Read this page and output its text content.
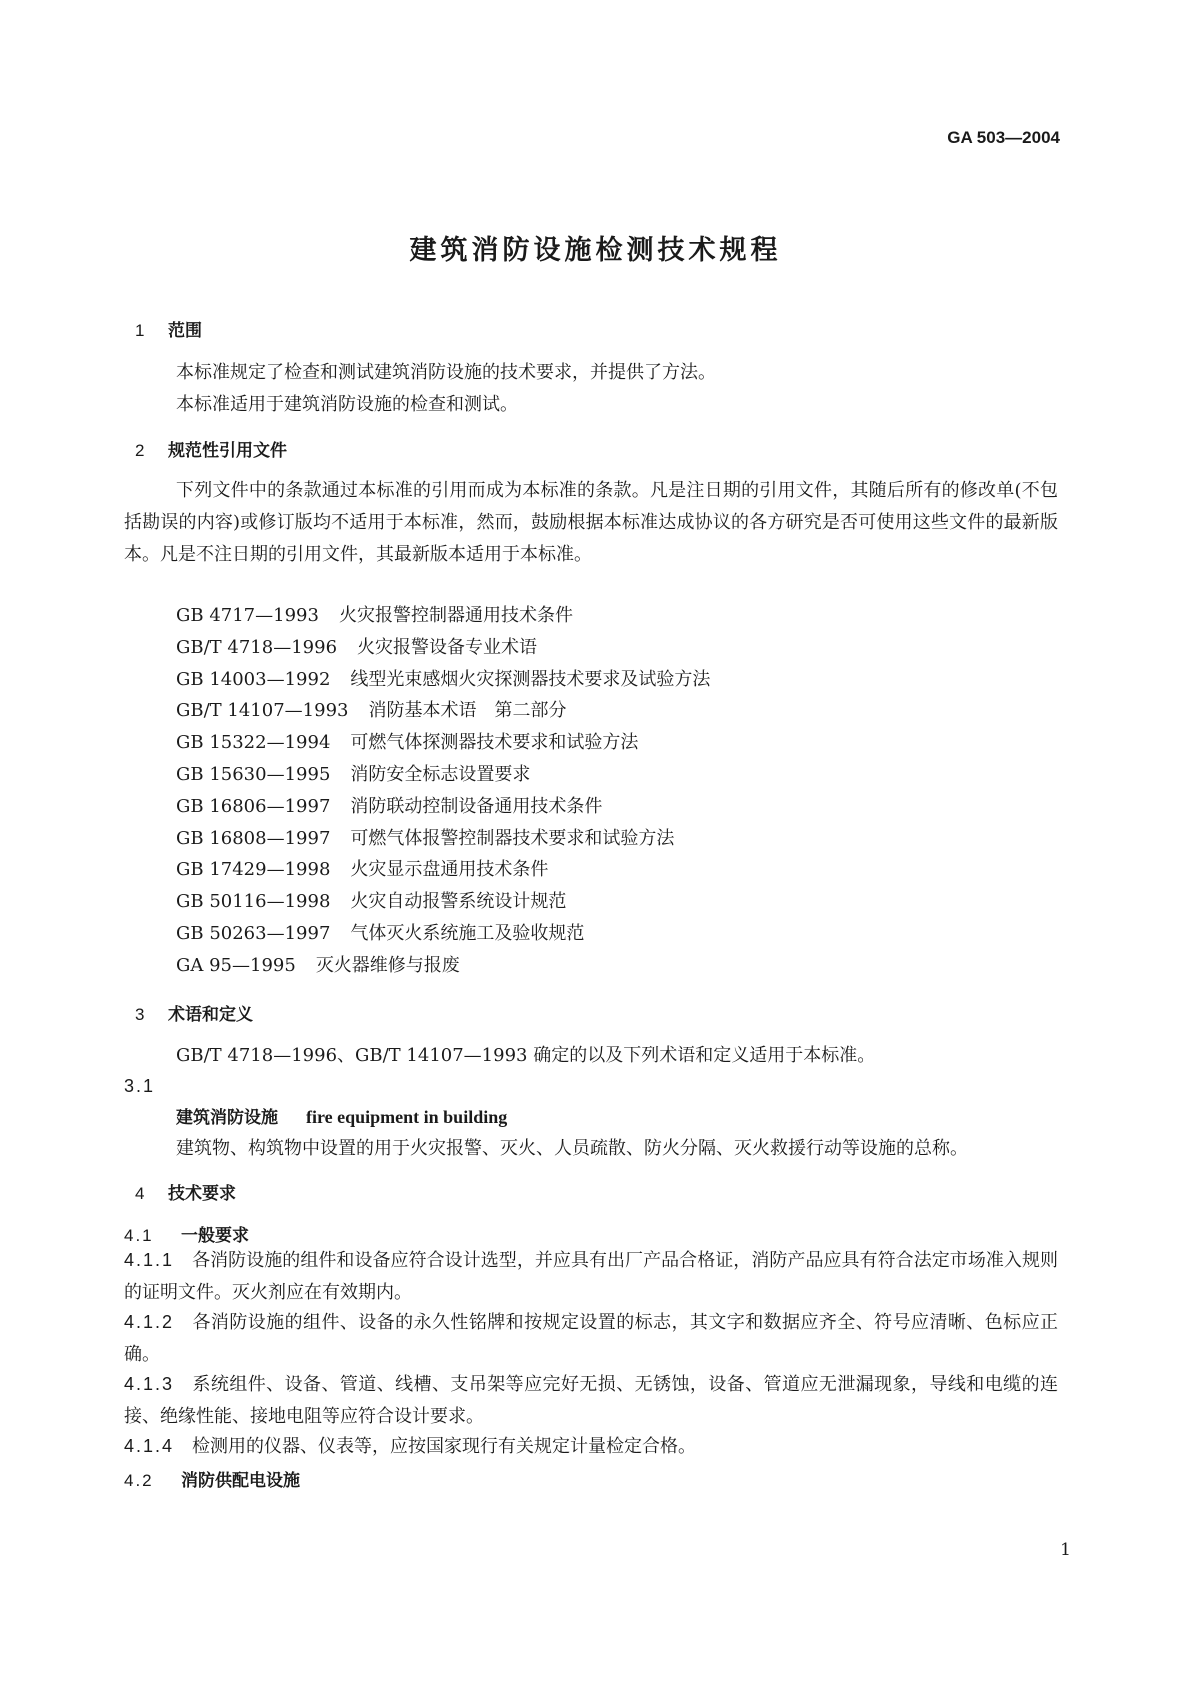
GA 503—2004
建筑消防设施检测技术规程
1 范围
本标准规定了检查和测试建筑消防设施的技术要求，并提供了方法。
本标准适用于建筑消防设施的检查和测试。
2 规范性引用文件
下列文件中的条款通过本标准的引用而成为本标准的条款。凡是注日期的引用文件，其随后所有的修改单(不包括勘误的内容)或修订版均不适用于本标准，然而，鼓励根据本标准达成协议的各方研究是否可使用这些文件的最新版本。凡是不注日期的引用文件，其最新版本适用于本标准。
GB 4717—1993 火灾报警控制器通用技术条件
GB/T 4718—1996 火灾报警设备专业术语
GB 14003—1992 线型光束感烟火灾探测器技术要求及试验方法
GB/T 14107—1993 消防基本术语　第二部分
GB 15322—1994 可燃气体探测器技术要求和试验方法
GB 15630—1995 消防安全标志设置要求
GB 16806—1997 消防联动控制设备通用技术条件
GB 16808—1997 可燃气体报警控制器技术要求和试验方法
GB 17429—1998 火灾显示盘通用技术条件
GB 50116—1998 火灾自动报警系统设计规范
GB 50263—1997 气体灭火系统施工及验收规范
GA 95—1995 灭火器维修与报废
3 术语和定义
GB/T 4718—1996、GB/T 14107—1993 确定的以及下列术语和定义适用于本标准。
3.1
建筑消防设施 fire equipment in building
建筑物、构筑物中设置的用于火灾报警、灭火、人员疏散、防火分隔、灭火救援行动等设施的总称。
4 技术要求
4.1 一般要求
4.1.1 各消防设施的组件和设备应符合设计选型，并应具有出厂产品合格证，消防产品应具有符合法定市场准入规则的证明文件。灭火剂应在有效期内。
4.1.2 各消防设施的组件、设备的永久性铭牌和按规定设置的标志，其文字和数据应齐全、符号应清晰、色标应正确。
4.1.3 系统组件、设备、管道、线槽、支吊架等应完好无损、无锈蚀，设备、管道应无泄漏现象，导线和电缆的连接、绝缘性能、接地电阻等应符合设计要求。
4.1.4 检测用的仪器、仪表等，应按国家现行有关规定计量检定合格。
4.2 消防供配电设施
1
